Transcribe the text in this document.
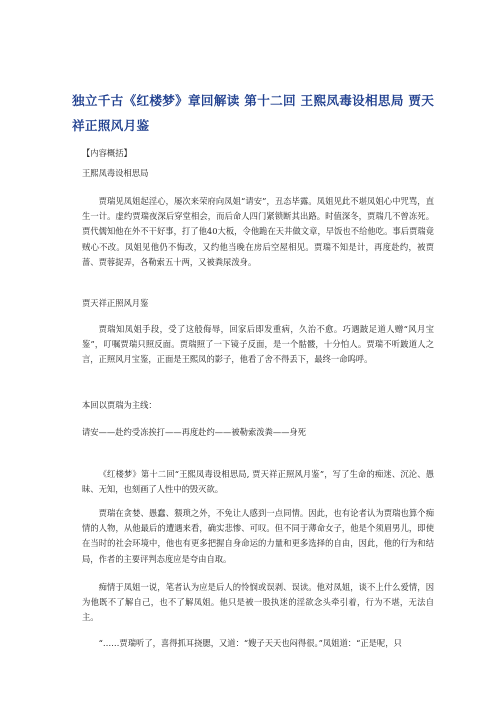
独立千古《红楼梦》章回解读 第十二回 王熙凤毒设相思局 贾天祥正照风月鉴
【内容概括】
王熙凤毒设相思局
贾瑞见凤姐起淫心，屡次来荣府向凤姐“请安”，丑态毕露。凤姐见此不堪凤姐心中咒骂，直生一计。虚约贾瑞夜深后穿堂相会，而后命人四门紧锁断其出路。时值深冬，贾瑞几不曾冻死。贾代儒知他在外不干好事，打了他40大板，令他跪在天井做文章，早饭也不给他吃。事后贾瑞竟贼心不改。凤姐见他仍不悔改，又约他当晚在房后空屋相见。贾瑞不知是计，再度赴约，被贾蔷、贾蓉捉弄，各勒索五十两，又被粪尿泼身。
贾天祥正照风月鉴
贾瑞知凤姐手段，受了这般侮辱，回家后即发重病，久治不愈。巧遇跛足道人赠“风月宝鉴”，叮嘱贾瑞只照反面。贾瑞照了一下镜子反面，是一个骷髅，十分怕人。贾瑞不听跛道人之言，正照风月宝鉴，正面是王熙凤的影子，他看了舍不得丢下，最终一命呜呼。
本回以贾瑞为主线：
请安——赴约受冻挨打——再度赴约——被勒索泼粪——身死
《红楼梦》第十二回“王熙凤毒设相思局, 贾天祥正照风月鉴”，写了生命的痴迷、沉沦、愚昧、无知，也刻画了人性中的毁灭欲。
贾瑞在贪婪、愚蠢、猥琐之外，不免让人感到一点同情。因此，也有论者认为贾瑞也算个痴情的人物，从他最后的遭遇来看，确实悲惨、可叹。但不同于薄命女子，他是个须眉男儿，即使在当时的社会环境中，他也有更多把握自身命运的力量和更多选择的自由，因此，他的行为和结局，作者的主要评判态度应是夸由自取。
痴情于凤姐一说，笔者认为应是后人的怜悯或误剥、误读。他对凤姐，谈不上什么爱情，因为他既不了解自己，也不了解凤姐。他只是被一股执迷的淫欲念头牵引着，行为不堪，无法自主。
“……贾瑞听了，喜得抓耳挠腮，又道：“嫂子天天也闷得很。”凤姐道：“正是呢，只
